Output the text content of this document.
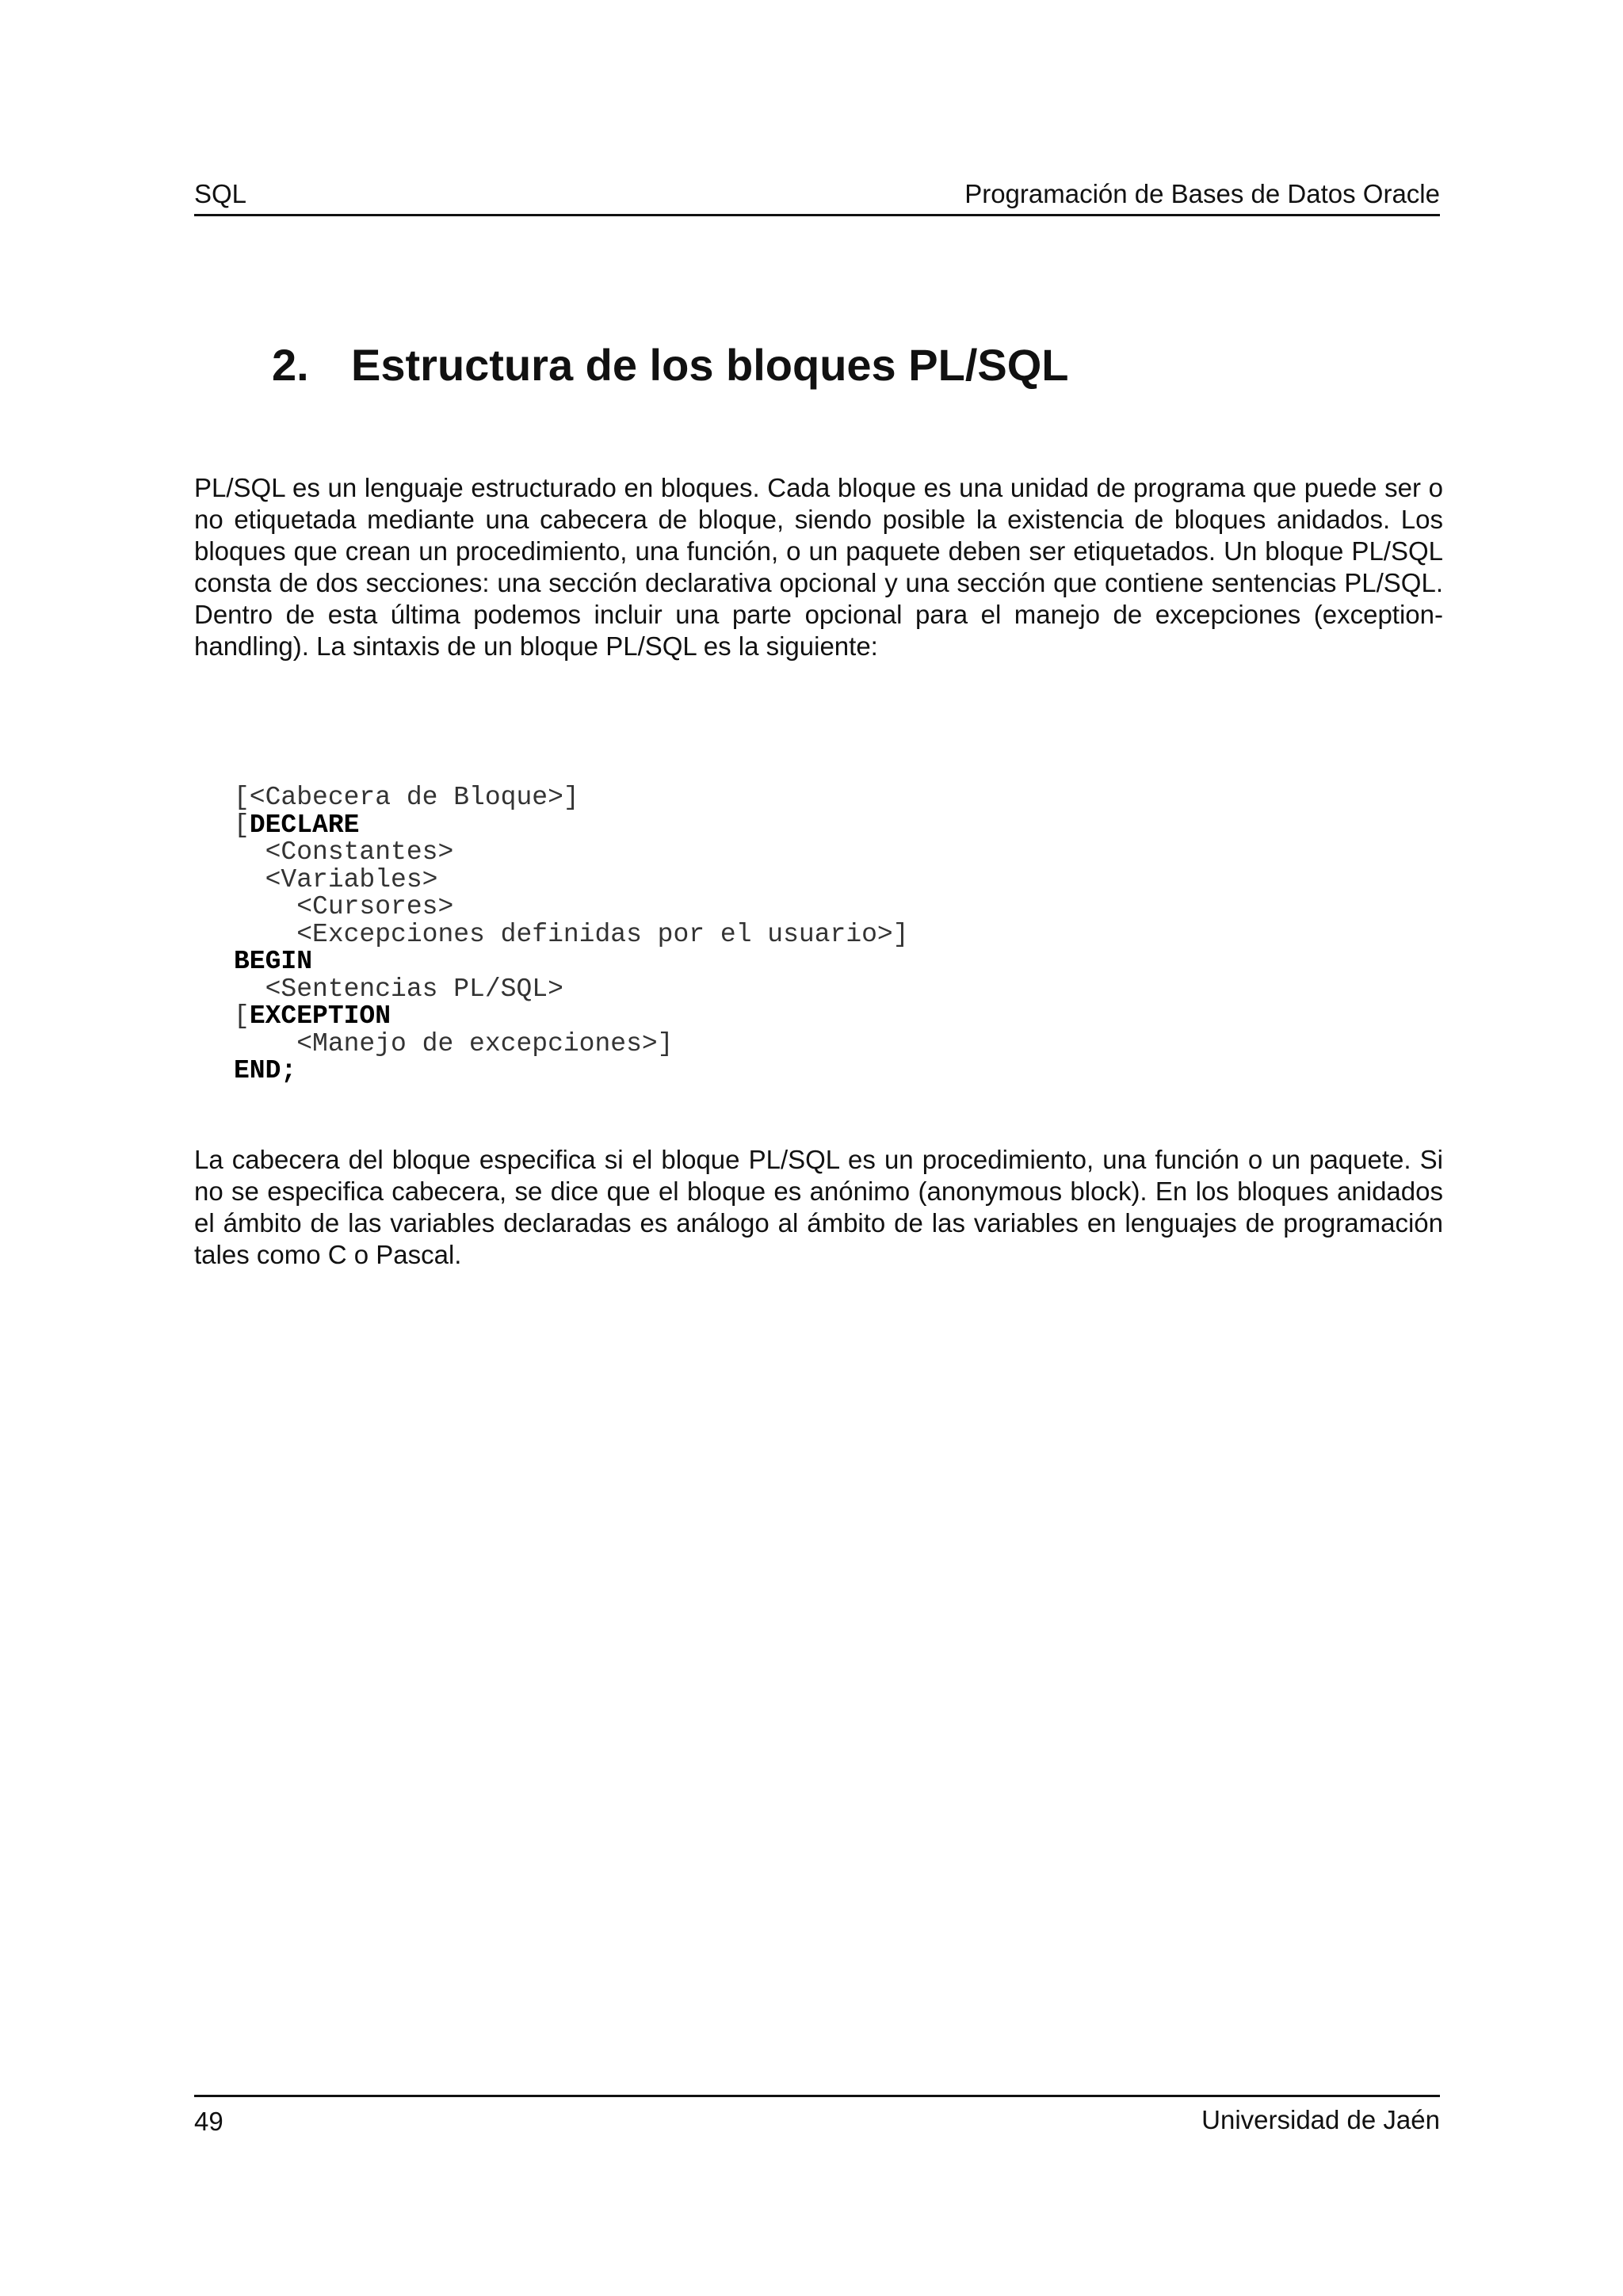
SQL	Programación de Bases de Datos Oracle
2. Estructura de los bloques PL/SQL

PL/SQL es un lenguaje estructurado en bloques. Cada bloque es una unidad de programa que puede ser o no etiquetada mediante una cabecera de bloque, siendo posible la existencia de bloques anidados. Los bloques que crean un procedimiento, una función, o un paquete deben ser etiquetados. Un bloque PL/SQL consta de dos secciones: una sección declarativa opcional y una sección que contiene sentencias PL/SQL. Dentro de esta última podemos incluir una parte opcional para el manejo de excepciones (exception-handling). La sintaxis de un bloque PL/SQL es la siguiente:

[<Cabecera de Bloque>]
[DECLARE
<Constantes>
<Variables>
<Cursores>
<Excepciones definidas por el usuario>]
BEGIN
<Sentencias PL/SQL>
[EXCEPTION
<Manejo de excepciones>]
END;

La cabecera del bloque especifica si el bloque PL/SQL es un procedimiento, una función o un paquete. Si no se especifica cabecera, se dice que el bloque es anónimo (anonymous block). En los bloques anidados el ámbito de las variables declaradas es análogo al ámbito de las variables en lenguajes de programación tales como C o Pascal.

49	Universidad de Jaén
